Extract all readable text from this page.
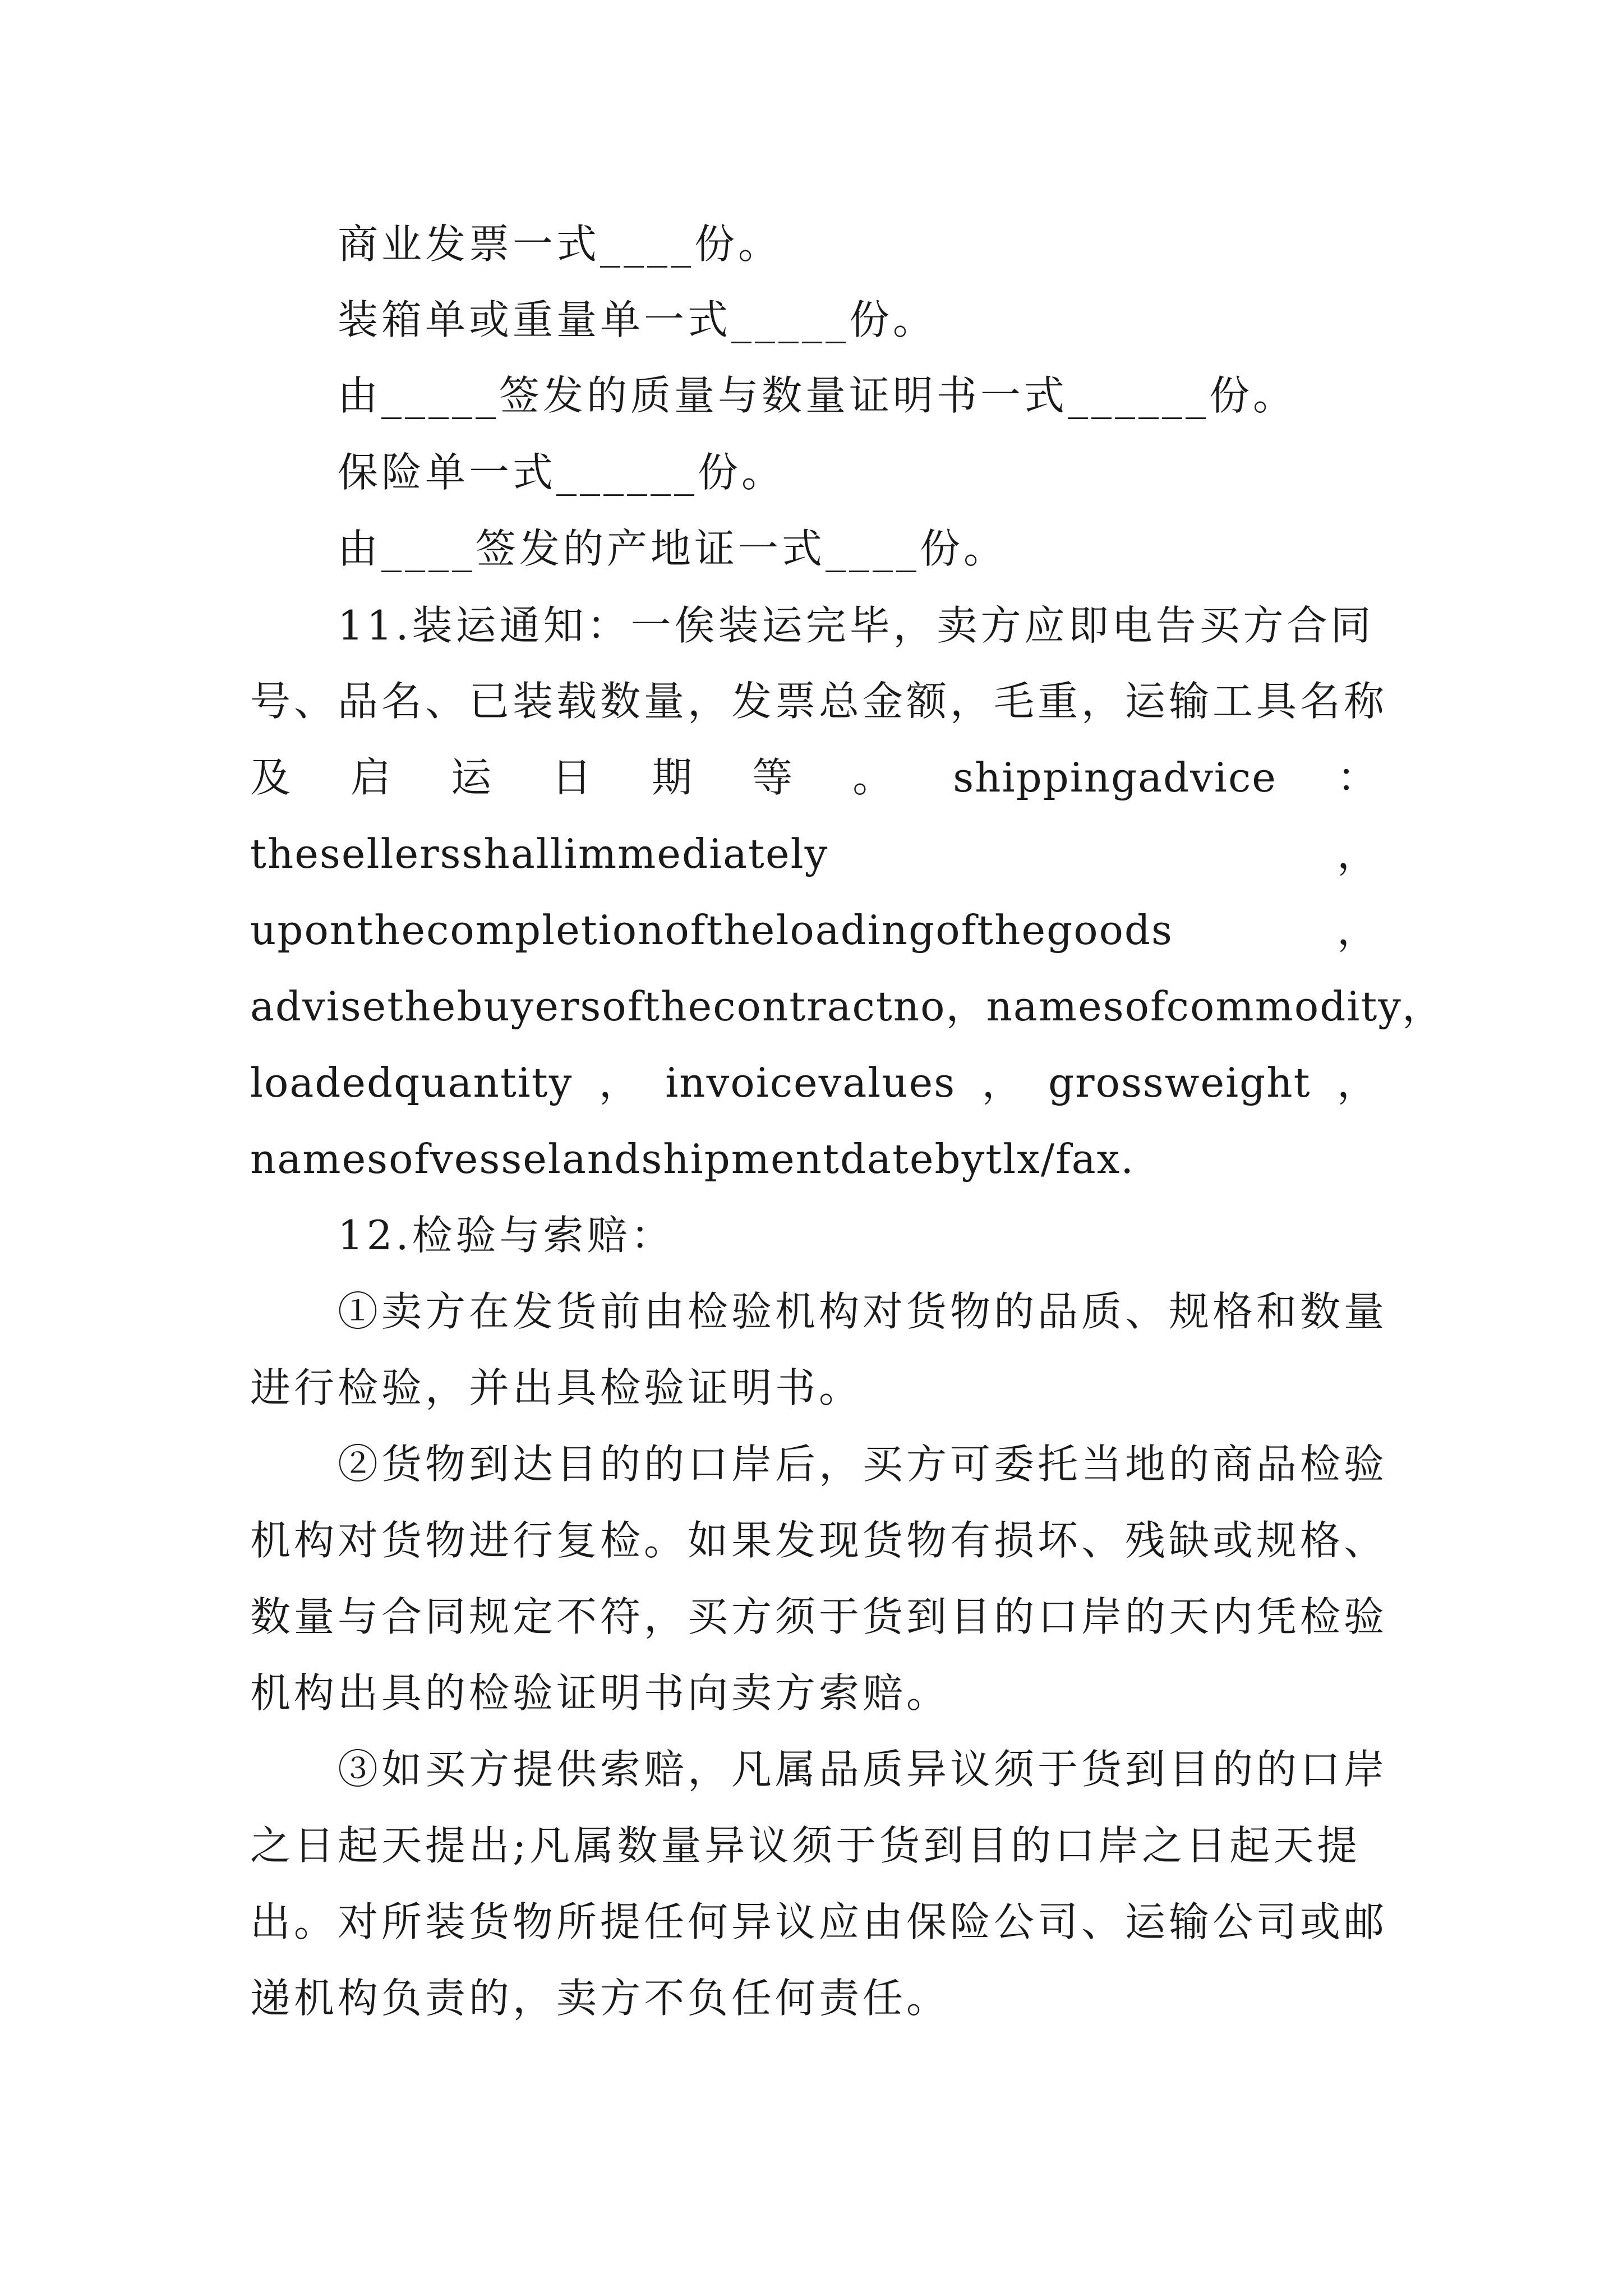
商业发票一式____份。
装箱单或重量单一式_____份。
由_____签发的质量与数量证明书一式______份。
保险单一式______份。
由____签发的产地证一式____份。
11.装运通知：一俟装运完毕，卖方应即电告买方合同
号、品名、已装载数量，发票总金额，毛重，运输工具名称
及 启 运 日 期 等 。 shippingadvice ：
thesellersshallimmediately	，
uponthecompletionoftheloadingofthegoods	，
advisethebuyersofthecontractno ， namesofcommodity ，
loadedquantity ， invoicevalues ， grossweight ，
namesofvesselandshipmentdatebytlx/fax.
12.检验与索赔：
①卖方在发货前由检验机构对货物的品质、规格和数量
进行检验，并出具检验证明书。
②货物到达目的的口岸后，买方可委托当地的商品检验
机构对货物进行复检。如果发现货物有损坏、残缺或规格、
数量与合同规定不符，买方须于货到目的口岸的天内凭检验
机构出具的检验证明书向卖方索赔。
③如买方提供索赔，凡属品质异议须于货到目的的口岸
之日起天提出;凡属数量异议须于货到目的口岸之日起天提
出。对所装货物所提任何异议应由保险公司、运输公司或邮
递机构负责的，卖方不负任何责任。
